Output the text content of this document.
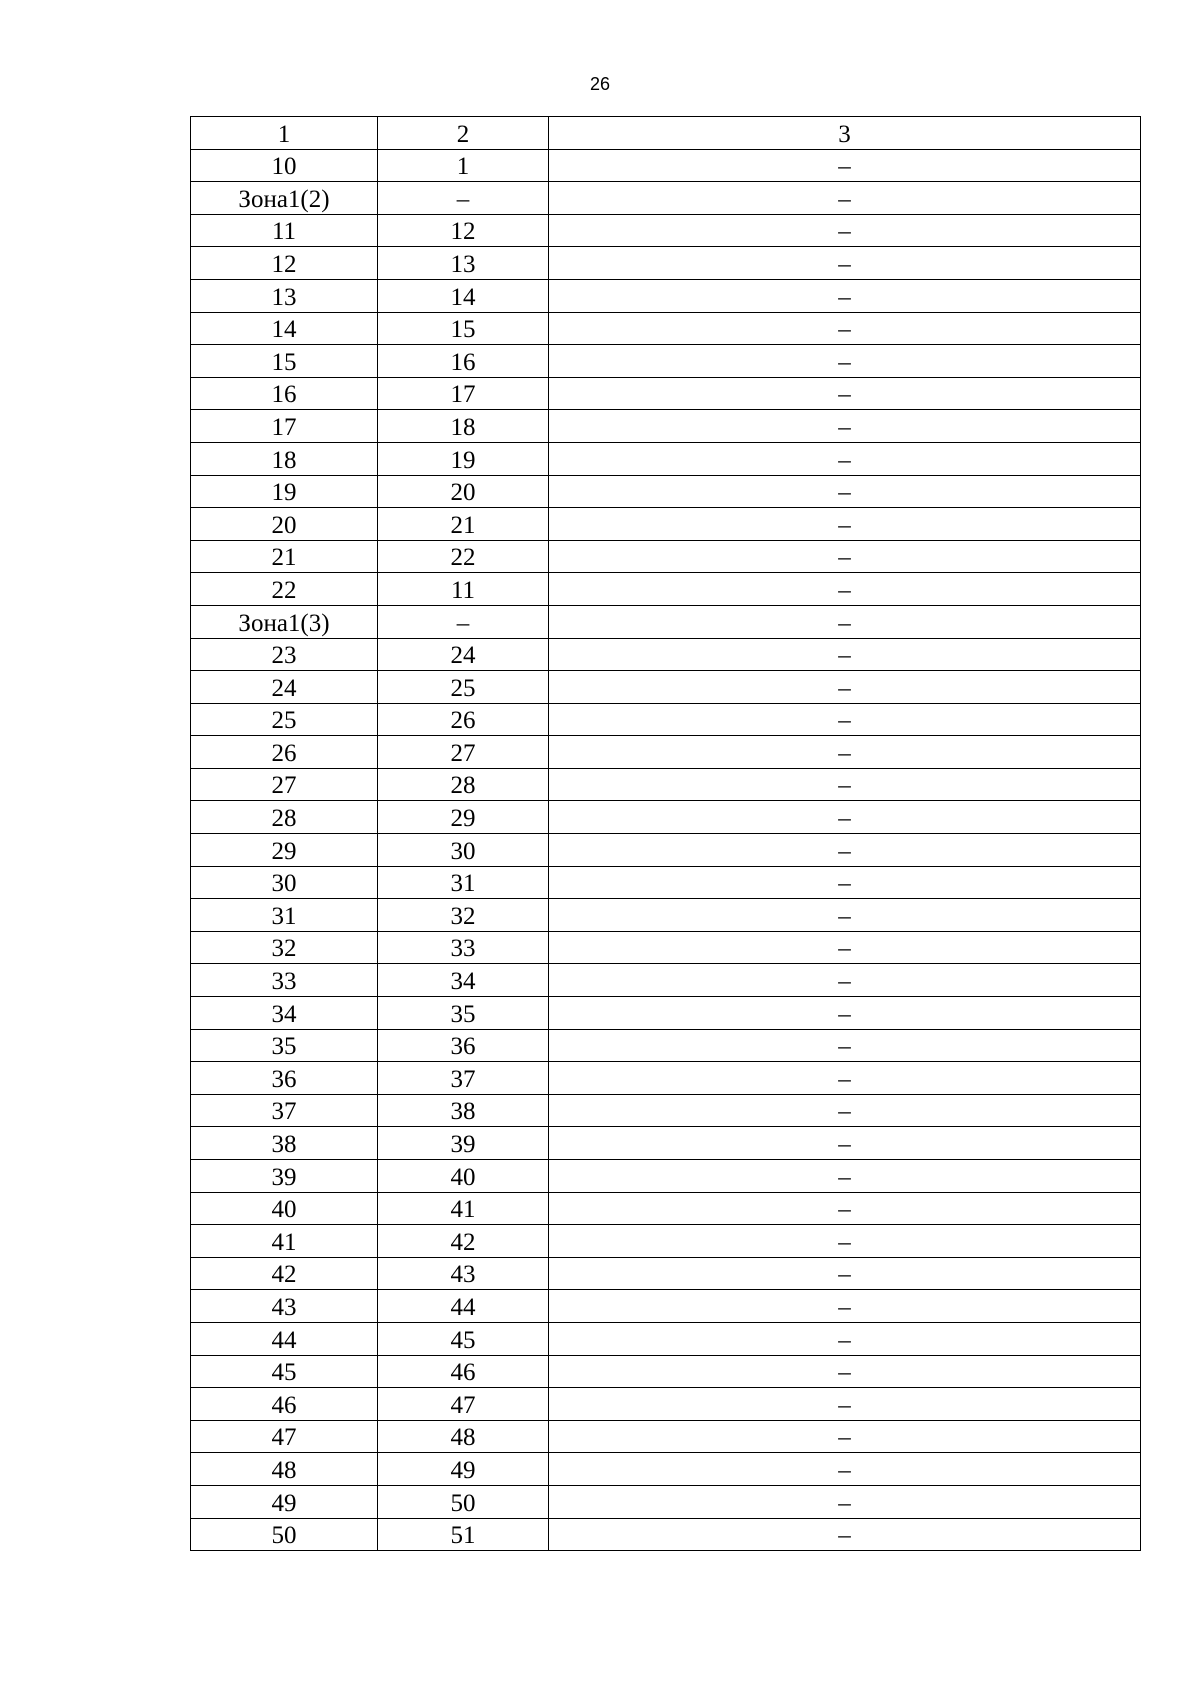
26
1	2	3
10	1	–
Зона1(2)	–	–
11	12	–
12	13	–
13	14	–
14	15	–
15	16	–
16	17	–
17	18	–
18	19	–
19	20	–
20	21	–
21	22	–
22	11	–
Зона1(3)	–	–
23	24	–
24	25	–
25	26	–
26	27	–
27	28	–
28	29	–
29	30	–
30	31	–
31	32	–
32	33	–
33	34	–
34	35	–
35	36	–
36	37	–
37	38	–
38	39	–
39	40	–
40	41	–
41	42	–
42	43	–
43	44	–
44	45	–
45	46	–
46	47	–
47	48	–
48	49	–
49	50	–
50	51	–
